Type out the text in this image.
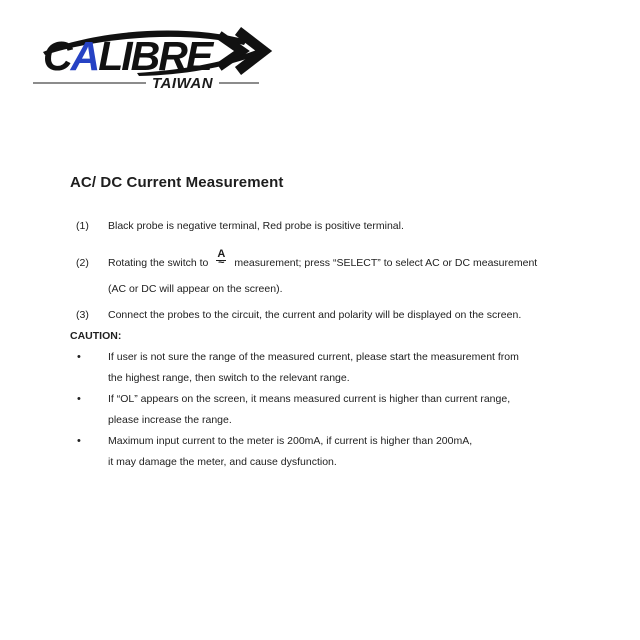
CALIBRE
TAIWAN
AC/ DC Current Measurement
(1)	Black probe is negative terminal, Red probe is positive terminal.
(2)	Rotating the switch to
A
~ measurement; press “SELECT” to select AC or DC measurement
(AC or DC will appear on the screen).
(3)	Connect the probes to the circuit, the current and polarity will be displayed on the screen.
CAUTION:
•	If user is not sure the range of the measured current, please start the measurement from
the highest range, then switch to the relevant range.
•	If “OL” appears on the screen, it means measured current is higher than current range,
please increase the range.
•	Maximum input current to the meter is 200mA, if current is higher than 200mA,
it may damage the meter, and cause dysfunction.
